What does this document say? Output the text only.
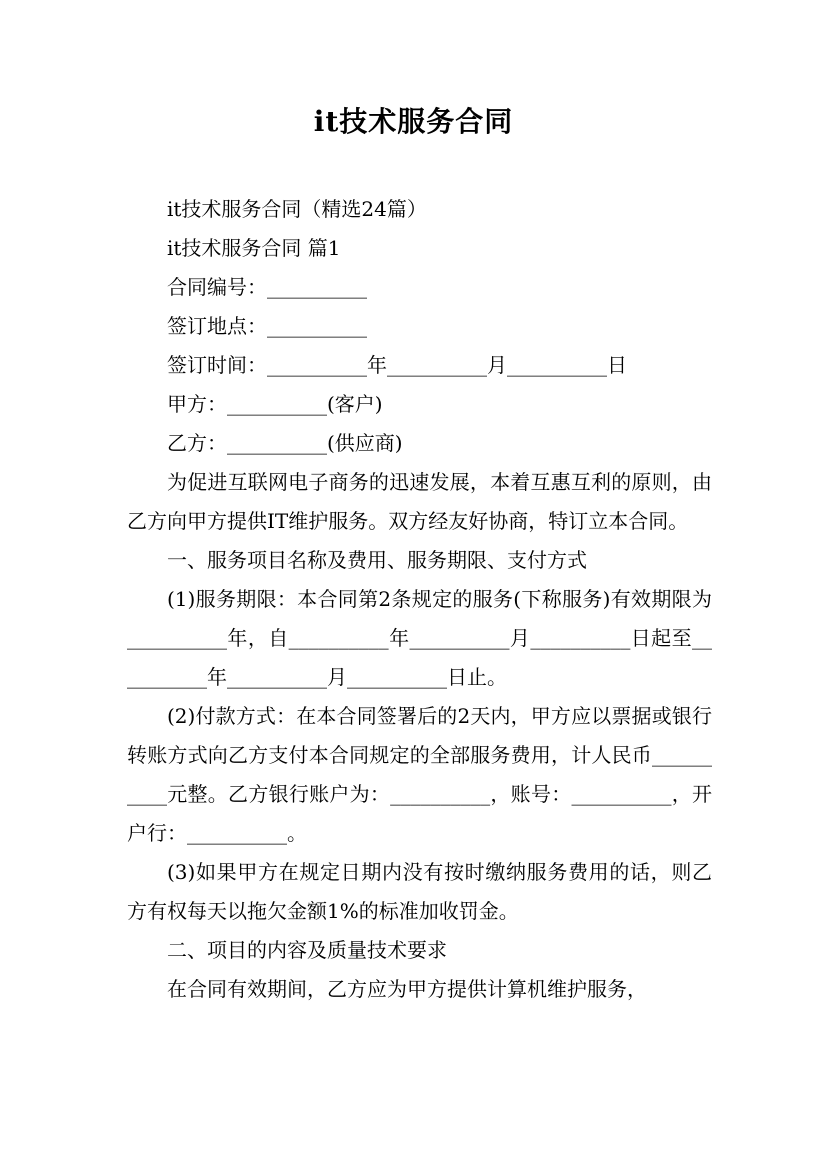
it技术服务合同

it技术服务合同（精选24篇）

it技术服务合同 篇1

合同编号：__________

签订地点：__________

签订时间：__________年__________月__________日

甲方：__________(客户)

乙方：__________(供应商)

为促进互联网电子商务的迅速发展，本着互惠互利的原则，由乙方向甲方提供IT维护服务。双方经友好协商，特订立本合同。

一、服务项目名称及费用、服务期限、支付方式

(1)服务期限：本合同第2条规定的服务(下称服务)有效期限为__________年，自__________年__________月__________日起至__________年__________月__________日止。

(2)付款方式：在本合同签署后的2天内，甲方应以票据或银行转账方式向乙方支付本合同规定的全部服务费用，计人民币__________元整。乙方银行账户为：__________，账号：__________，开户行：__________。

(3)如果甲方在规定日期内没有按时缴纳服务费用的话，则乙方有权每天以拖欠金额1%的标准加收罚金。

二、项目的内容及质量技术要求

在合同有效期间，乙方应为甲方提供计算机维护服务，
